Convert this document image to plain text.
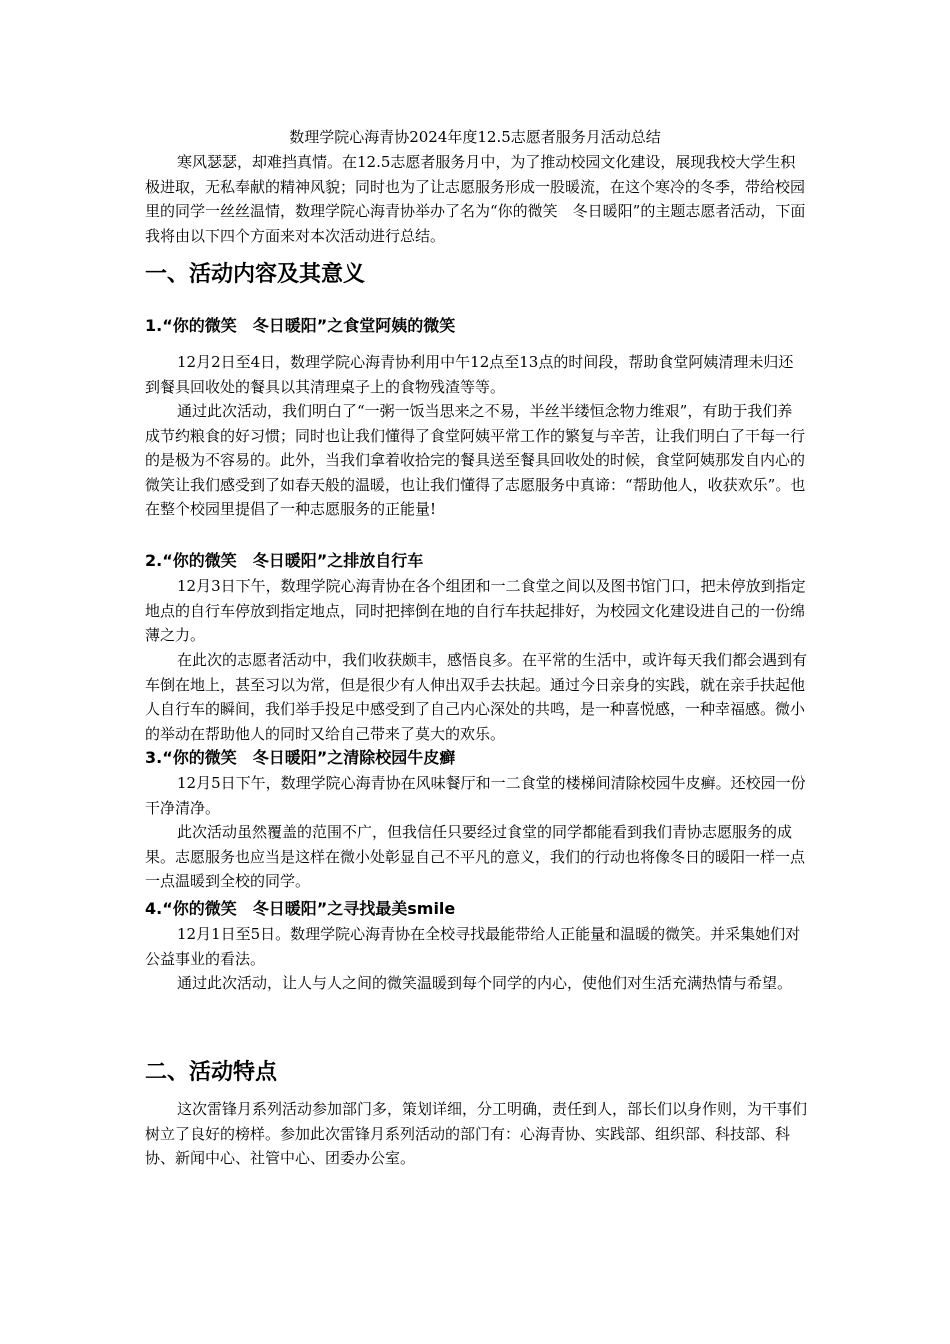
数理学院心海青协2024年度12.5志愿者服务月活动总结

寒风瑟瑟，却难挡真情。在12.5志愿者服务月中，为了推动校园文化建设，展现我校大学生积极进取，无私奉献的精神风貌；同时也为了让志愿服务形成一股暖流，在这个寒冷的冬季，带给校园里的同学一丝丝温情，数理学院心海青协举办了名为“你的微笑　冬日暖阳”的主题志愿者活动，下面我将由以下四个方面来对本次活动进行总结。

一、活动内容及其意义
1.“你的微笑　冬日暖阳”之食堂阿姨的微笑

12月2日至4日，数理学院心海青协利用中午12点至13点的时间段，帮助食堂阿姨清理未归还到餐具回收处的餐具以其清理桌子上的食物残渣等等。

通过此次活动，我们明白了“一粥一饭当思来之不易，半丝半缕恒念物力维艰”，有助于我们养成节约粮食的好习惯；同时也让我们懂得了食堂阿姨平常工作的繁复与辛苦，让我们明白了干每一行的是极为不容易的。此外，当我们拿着收拾完的餐具送至餐具回收处的时候，食堂阿姨那发自内心的微笑让我们感受到了如春天般的温暖，也让我们懂得了志愿服务中真谛：“帮助他人，收获欢乐”。也在整个校园里提倡了一种志愿服务的正能量!

2.“你的微笑　冬日暖阳”之排放自行车

12月3日下午，数理学院心海青协在各个组团和一二食堂之间以及图书馆门口，把未停放到指定地点的自行车停放到指定地点，同时把摔倒在地的自行车扶起排好，为校园文化建设进自己的一份绵薄之力。

在此次的志愿者活动中，我们收获颇丰，感悟良多。在平常的生活中，或许每天我们都会遇到有车倒在地上，甚至习以为常，但是很少有人伸出双手去扶起。通过今日亲身的实践，就在亲手扶起他人自行车的瞬间，我们举手投足中感受到了自己内心深处的共鸣，是一种喜悦感，一种幸福感。微小的举动在帮助他人的同时又给自己带来了莫大的欢乐。

3.“你的微笑　冬日暖阳”之清除校园牛皮癣

12月5日下午，数理学院心海青协在风味餐厅和一二食堂的楼梯间清除校园牛皮癣。还校园一份干净清净。

此次活动虽然覆盖的范围不广，但我信任只要经过食堂的同学都能看到我们青协志愿服务的成果。志愿服务也应当是这样在微小处彰显自己不平凡的意义，我们的行动也将像冬日的暖阳一样一点一点温暖到全校的同学。

4.“你的微笑　冬日暖阳”之寻找最美smile

12月1日至5日。数理学院心海青协在全校寻找最能带给人正能量和温暖的微笑。并采集她们对公益事业的看法。

通过此次活动，让人与人之间的微笑温暖到每个同学的内心，使他们对生活充满热情与希望。

二、活动特点

这次雷锋月系列活动参加部门多，策划详细，分工明确，责任到人，部长们以身作则，为干事们树立了良好的榜样。参加此次雷锋月系列活动的部门有：心海青协、实践部、组织部、科技部、科协、新闻中心、社管中心、团委办公室。
